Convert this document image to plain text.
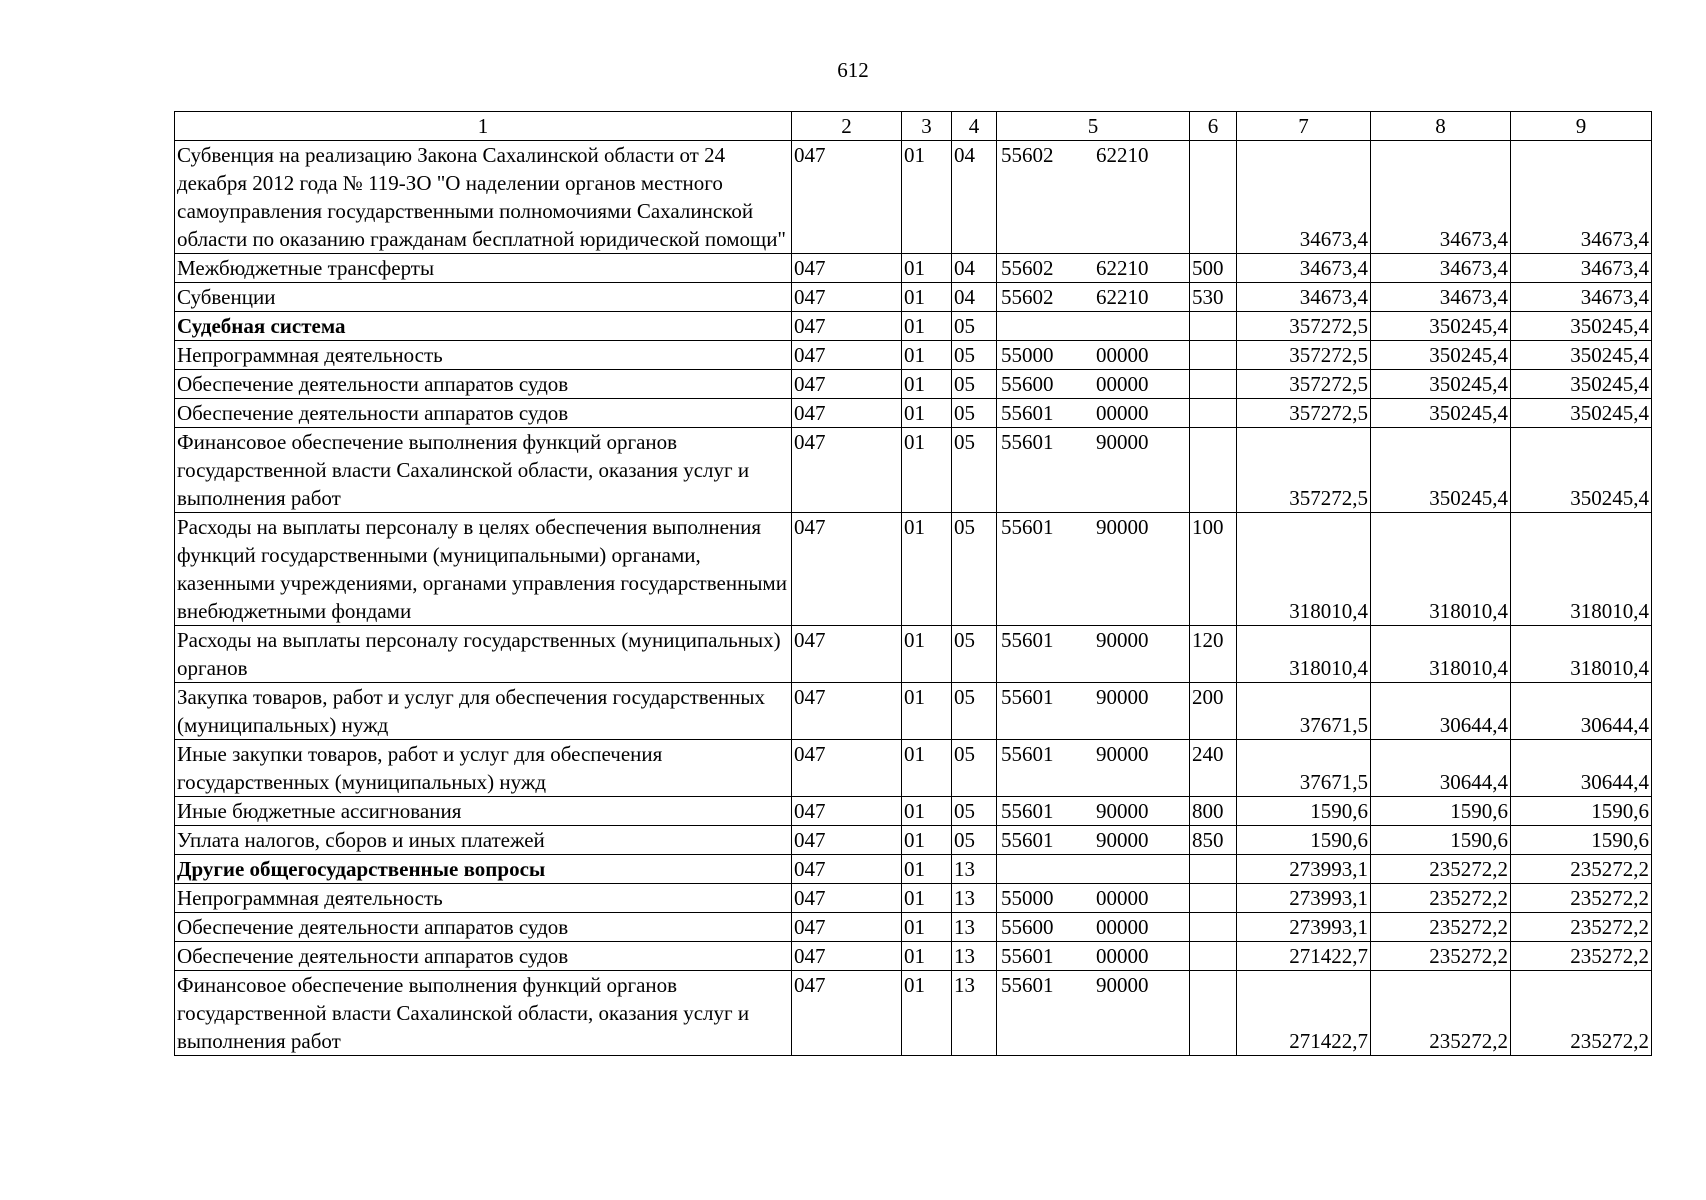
612
1	2	3	4	5	6	7	8	9
Субвенция на реализацию Закона Сахалинской области от 24 декабря 2012 года № 119-ЗО "О наделении органов местного самоуправления государственными полномочиями Сахалинской области по оказанию гражданам бесплатной юридической помощи"	047	01	04	55602 62210		34673,4	34673,4	34673,4
Межбюджетные трансферты	047	01	04	55602 62210	500	34673,4	34673,4	34673,4
Субвенции	047	01	04	55602 62210	530	34673,4	34673,4	34673,4
Судебная система	047	01	05			357272,5	350245,4	350245,4
Непрограммная деятельность	047	01	05	55000 00000		357272,5	350245,4	350245,4
Обеспечение деятельности аппаратов судов	047	01	05	55600 00000		357272,5	350245,4	350245,4
Обеспечение деятельности аппаратов судов	047	01	05	55601 00000		357272,5	350245,4	350245,4
Финансовое обеспечение выполнения функций органов государственной власти Сахалинской области, оказания услуг и выполнения работ	047	01	05	55601 90000		357272,5	350245,4	350245,4
Расходы на выплаты персоналу в целях обеспечения выполнения функций государственными (муниципальными) органами, казенными учреждениями, органами управления государственными внебюджетными фондами	047	01	05	55601 90000	100	318010,4	318010,4	318010,4
Расходы на выплаты персоналу государственных (муниципальных) органов	047	01	05	55601 90000	120	318010,4	318010,4	318010,4
Закупка товаров, работ и услуг для обеспечения государственных (муниципальных) нужд	047	01	05	55601 90000	200	37671,5	30644,4	30644,4
Иные закупки товаров, работ и услуг для обеспечения государственных (муниципальных) нужд	047	01	05	55601 90000	240	37671,5	30644,4	30644,4
Иные бюджетные ассигнования	047	01	05	55601 90000	800	1590,6	1590,6	1590,6
Уплата налогов, сборов и иных платежей	047	01	05	55601 90000	850	1590,6	1590,6	1590,6
Другие общегосударственные вопросы	047	01	13			273993,1	235272,2	235272,2
Непрограммная деятельность	047	01	13	55000 00000		273993,1	235272,2	235272,2
Обеспечение деятельности аппаратов судов	047	01	13	55600 00000		273993,1	235272,2	235272,2
Обеспечение деятельности аппаратов судов	047	01	13	55601 00000		271422,7	235272,2	235272,2
Финансовое обеспечение выполнения функций органов государственной власти Сахалинской области, оказания услуг и выполнения работ	047	01	13	55601 90000		271422,7	235272,2	235272,2
